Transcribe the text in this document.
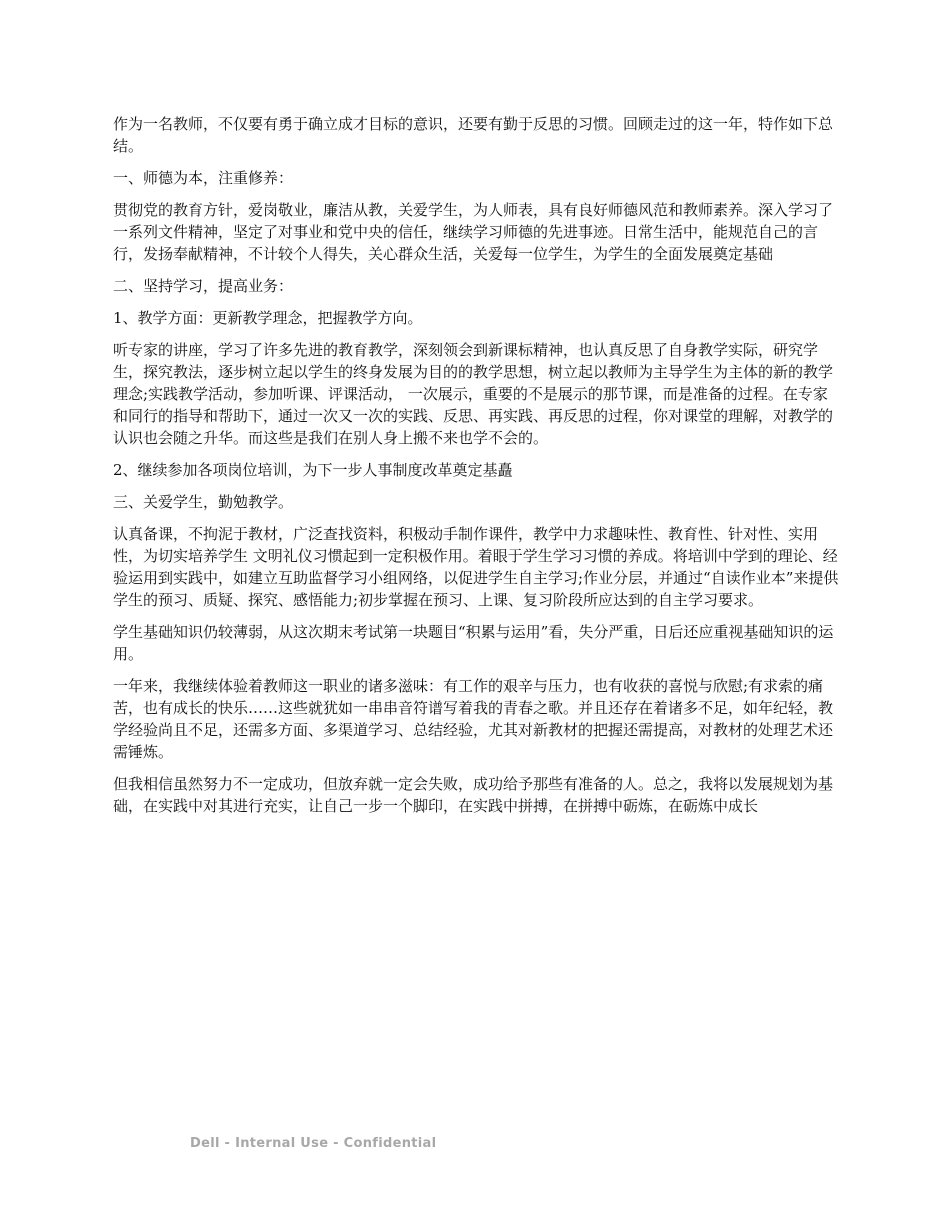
作为一名教师，不仅要有勇于确立成才目标的意识，还要有勤于反思的习惯。回顾走过的这一年，特作如下总结。

一、师德为本，注重修养：

贯彻党的教育方针，爱岗敬业，廉洁从教，关爱学生，为人师表，具有良好师德风范和教师素养。深入学习了一系列文件精神，坚定了对事业和党中央的信任，继续学习师德的先进事迹。日常生活中，能规范自己的言行，发扬奉献精神，不计较个人得失，关心群众生活，关爱每一位学生，为学生的全面发展奠定基础

二、坚持学习，提高业务：

1、教学方面：更新教学理念，把握教学方向。

听专家的讲座，学习了许多先进的教育教学，深刻领会到新课标精神，也认真反思了自身教学实际，研究学生，探究教法，逐步树立起以学生的终身发展为目的的教学思想，树立起以教师为主导学生为主体的新的教学理念;实践教学活动，参加听课、评课活动， 一次展示，重要的不是展示的那节课，而是准备的过程。在专家和同行的指导和帮助下，通过一次又一次的实践、反思、再实践、再反思的过程，你对课堂的理解，对教学的认识也会随之升华。而这些是我们在别人身上搬不来也学不会的。

2、继续参加各项岗位培训，为下一步人事制度改革奠定基矗

三、关爱学生，勤勉教学。

认真备课，不拘泥于教材，广泛查找资料，积极动手制作课件，教学中力求趣味性、教育性、针对性、实用性，为切实培养学生 文明礼仪习惯起到一定积极作用。着眼于学生学习习惯的养成。将培训中学到的理论、经验运用到实践中，如建立互助监督学习小组网络，以促进学生自主学习;作业分层，并通过“自读作业本”来提供学生的预习、质疑、探究、感悟能力;初步掌握在预习、上课、复习阶段所应达到的自主学习要求。

学生基础知识仍较薄弱，从这次期末考试第一块题目“积累与运用”看，失分严重，日后还应重视基础知识的运用。

一年来，我继续体验着教师这一职业的诸多滋味：有工作的艰辛与压力，也有收获的喜悦与欣慰;有求索的痛苦，也有成长的快乐……这些就犹如一串串音符谱写着我的青春之歌。并且还存在着诸多不足，如年纪轻，教学经验尚且不足，还需多方面、多渠道学习、总结经验，尤其对新教材的把握还需提高，对教材的处理艺术还需锤炼。

但我相信虽然努力不一定成功，但放弃就一定会失败，成功给予那些有准备的人。总之，我将以发展规划为基础，在实践中对其进行充实，让自己一步一个脚印，在实践中拼搏，在拼搏中砺炼，在砺炼中成长

Dell - Internal Use - Confidential
